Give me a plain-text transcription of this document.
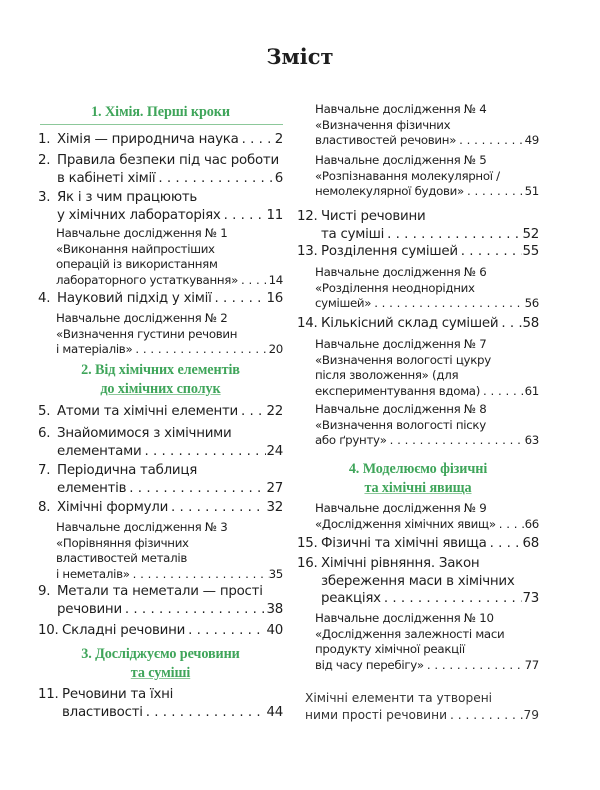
Зміст
1. Хімія. Перші кроки
1. Хімія — природнича наука . . .	2
2. Правила безпеки під час роботи
в кабінеті хімії . . .	6
3. Як і з чим працюють
у хімічних лабораторіях . . .	11
Навчальне дослідження № 1
«Виконання найпростіших
операцій із використанням
лабораторного устаткування» . . .	14
4. Науковий підхід у хімії . . .	16
Навчальне дослідження № 2
«Визначення густини речовин
і матеріалів» . . .	20
2. Від хімічних елементів
до хімічних сполук
5. Атоми та хімічні елементи . . . 22
6. Знайомимося з хімічними
елементами . . .	24
7. Періодична таблиця
елементів . . .	27
8. Хімічні формули . . .	32
Навчальне дослідження № 3
«Порівняння фізичних
властивостей металів
і неметалів» . . .	35
9. Метали та неметали — прості
речовини . . .	38
10. Складні речовини . . .	40
3. Досліджуємо речовини
та суміші
11. Речовини та їхні
властивості . . .	44
Навчальне дослідження № 4
«Визначення фізичних
властивостей речовин» . . .	49
Навчальне дослідження № 5
«Розпізнавання молекулярної /
немолекулярної будови» . . .	51
12. Чисті речовини
та суміші . . .	52
13. Розділення сумішей . . .	55
Навчальне дослідження № 6
«Розділення неоднорідних
сумішей» . . .	56
14. Кількісний склад сумішей . . . 58
Навчальне дослідження № 7
«Визначення вологості цукру
після зволоження» (для
експериментування вдома) . . .	61
Навчальне дослідження № 8
«Визначення вологості піску
або ґрунту» . . .	63
4. Моделюємо фізичні
та хімічні явища
Навчальне дослідження № 9
«Дослідження хімічних явищ» . . . 66
15. Фізичні та хімічні явища . . .	68
16. Хімічні рівняння. Закон
збереження маси в хімічних
реакціях . . .	73
Навчальне дослідження № 10
«Дослідження залежності маси
продукту хімічної реакції
від часу перебігу» . . .	77
Хімічні елементи та утворені
ними прості речовини . . .	79
